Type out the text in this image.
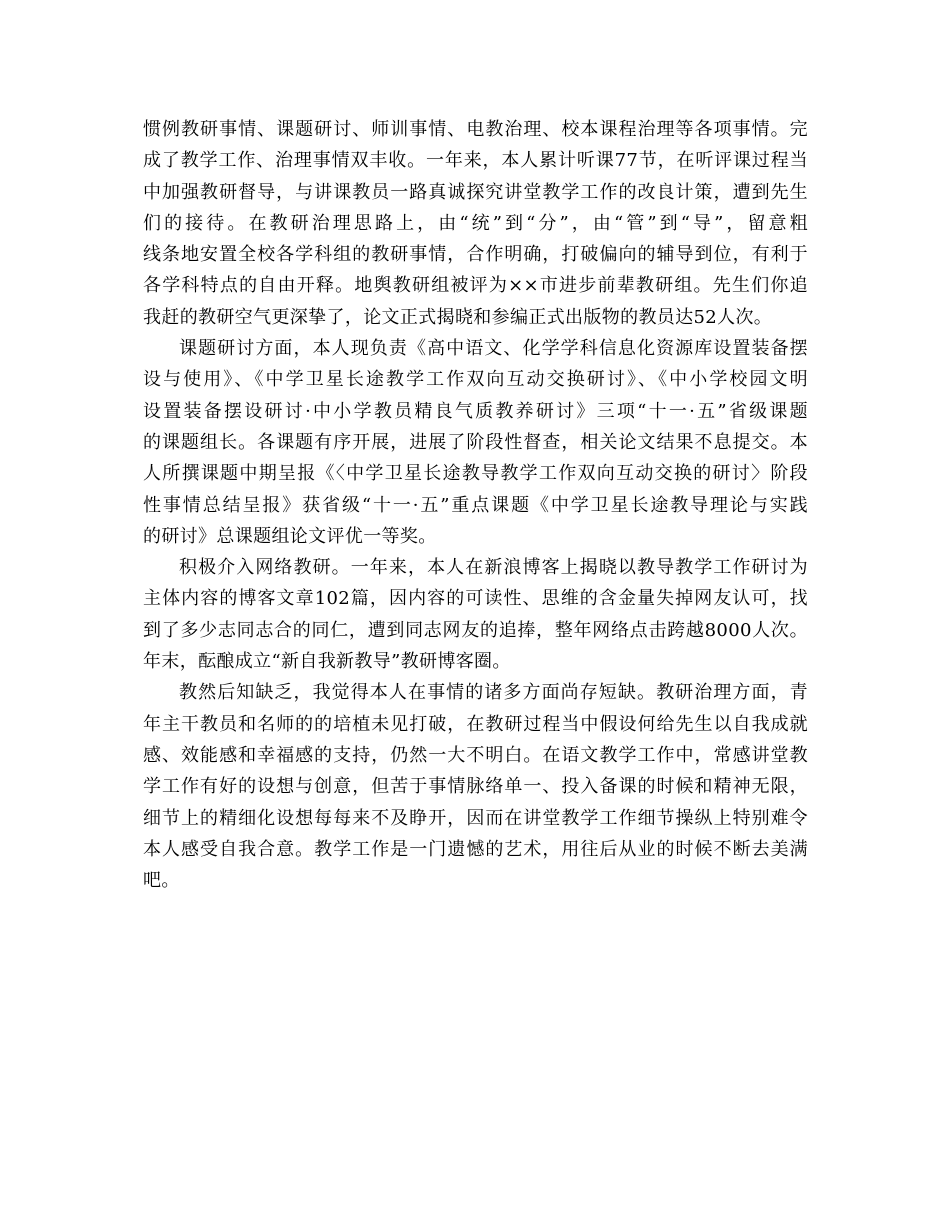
惯例教研事情、课题研讨、师训事情、电教治理、校本课程治理等各项事情。完
成了教学工作、治理事情双丰收。一年来，本人累计听课77节，在听评课过程当
中加强教研督导，与讲课教员一路真诚探究讲堂教学工作的改良计策，遭到先生
们的接待。在教研治理思路上，由“统”到“分”，由“管”到“导”，留意粗
线条地安置全校各学科组的教研事情，合作明确，打破偏向的辅导到位，有利于
各学科特点的自由开释。地舆教研组被评为××市进步前辈教研组。先生们你追
我赶的教研空气更深挚了，论文正式揭晓和参编正式出版物的教员达52人次。
课题研讨方面，本人现负责《高中语文、化学学科信息化资源库设置装备摆
设与使用》、《中学卫星长途教学工作双向互动交换研讨》、《中小学校园文明
设置装备摆设研讨·中小学教员精良气质教养研讨》三项“十一·五”省级课题
的课题组长。各课题有序开展，进展了阶段性督查，相关论文结果不息提交。本
人所撰课题中期呈报《〈中学卫星长途教导教学工作双向互动交换的研讨〉阶段
性事情总结呈报》获省级“十一·五”重点课题《中学卫星长途教导理论与实践
的研讨》总课题组论文评优一等奖。
积极介入网络教研。一年来，本人在新浪博客上揭晓以教导教学工作研讨为
主体内容的博客文章102篇，因内容的可读性、思维的含金量失掉网友认可，找
到了多少志同志合的同仁，遭到同志网友的追捧，整年网络点击跨越8000人次。
年末，酝酿成立“新自我新教导”教研博客圈。
教然后知缺乏，我觉得本人在事情的诸多方面尚存短缺。教研治理方面，青
年主干教员和名师的的培植未见打破，在教研过程当中假设何给先生以自我成就
感、效能感和幸福感的支持，仍然一大不明白。在语文教学工作中，常感讲堂教
学工作有好的设想与创意，但苦于事情脉络单一、投入备课的时候和精神无限，
细节上的精细化设想每每来不及睁开，因而在讲堂教学工作细节操纵上特别难令
本人感受自我合意。教学工作是一门遗憾的艺术，用往后从业的时候不断去美满
吧。
